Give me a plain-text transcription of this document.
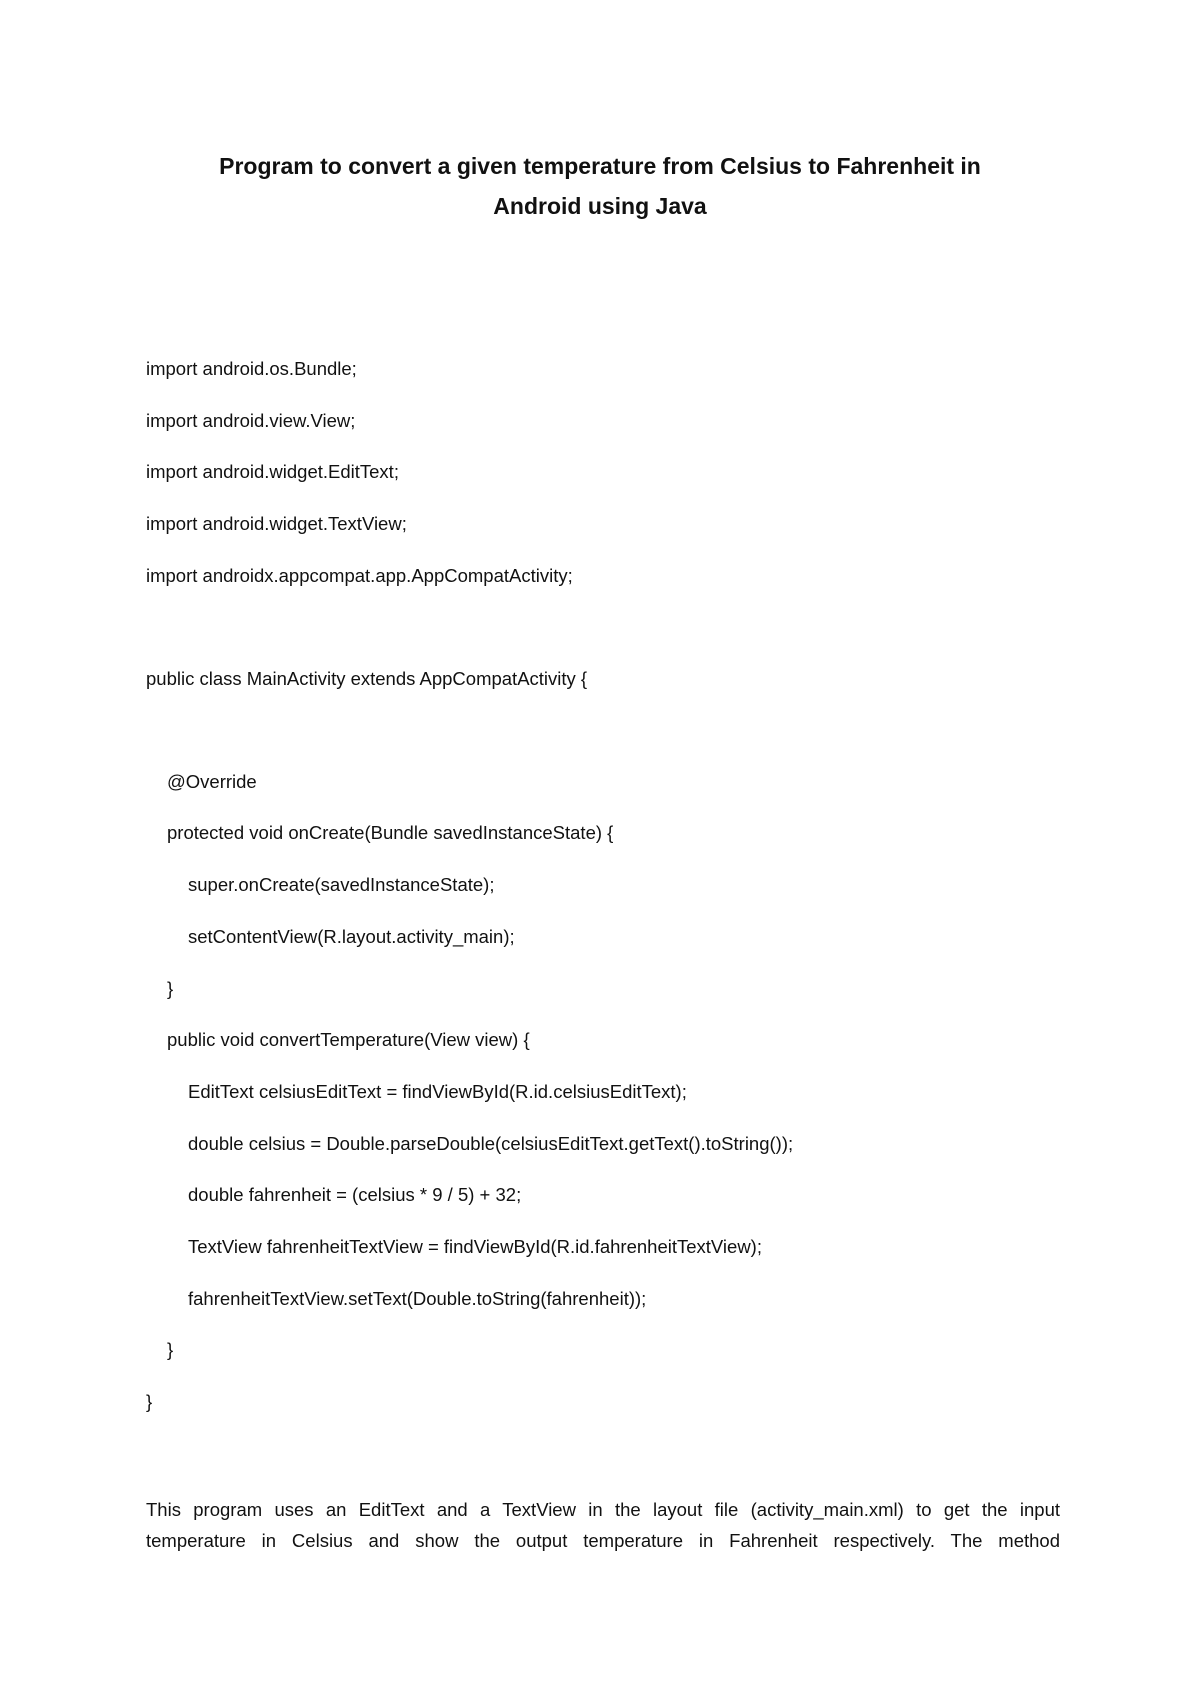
Program to convert a given temperature from Celsius to Fahrenheit in
Android using Java
import android.os.Bundle;
import android.view.View;
import android.widget.EditText;
import android.widget.TextView;
import androidx.appcompat.app.AppCompatActivity;
public class MainActivity extends AppCompatActivity {
@Override
protected void onCreate(Bundle savedInstanceState) {
super.onCreate(savedInstanceState);
setContentView(R.layout.activity_main);
}
public void convertTemperature(View view) {
EditText celsiusEditText = findViewById(R.id.celsiusEditText);
double celsius = Double.parseDouble(celsiusEditText.getText().toString());
double fahrenheit = (celsius * 9 / 5) + 32;
TextView fahrenheitTextView = findViewById(R.id.fahrenheitTextView);
fahrenheitTextView.setText(Double.toString(fahrenheit));
}
}
This program uses an EditText and a TextView in the layout file (activity_main.xml) to get the input
temperature in Celsius and show the output temperature in Fahrenheit respectively. The method
